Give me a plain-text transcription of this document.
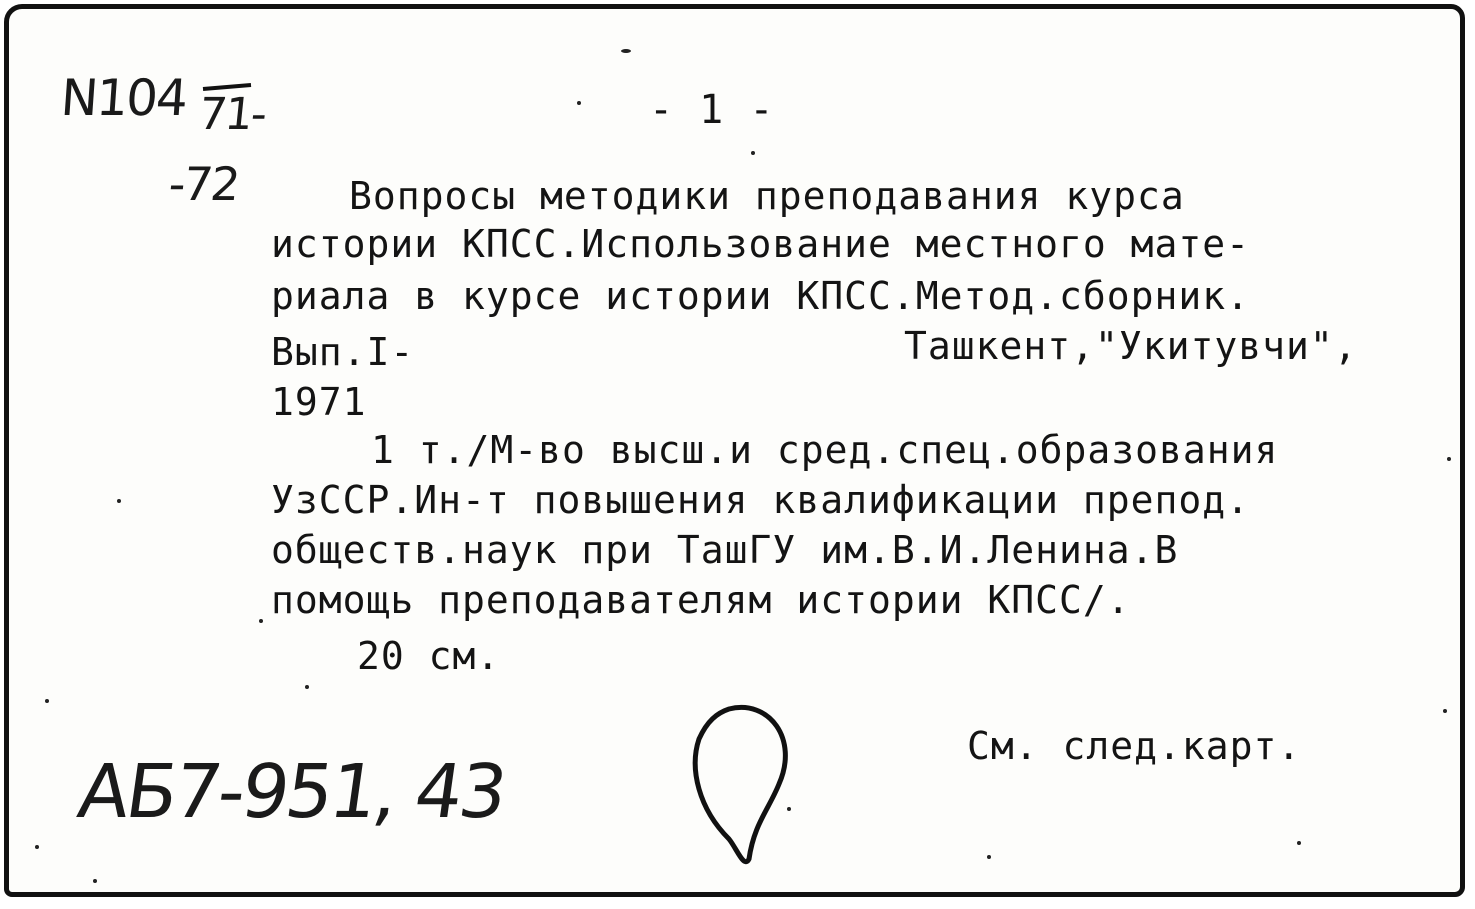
N104 71-
-72
- 1 -
Вопросы методики преподавания курса
истории КПСС.Использование местного мате-
риала в курсе истории КПСС.Метод.сборник.
Вып.I-	Ташкент,"Укитувчи",
1971
1 т./М-во высш.и сред.спец.образования
УзССР.Ин-т повышения квалификации препод.
обществ.наук при ТашГУ им.В.И.Ленина.В
помощь преподавателям истории КПСС/.
20 см.
См. след.карт.
АБ7-951, 43
